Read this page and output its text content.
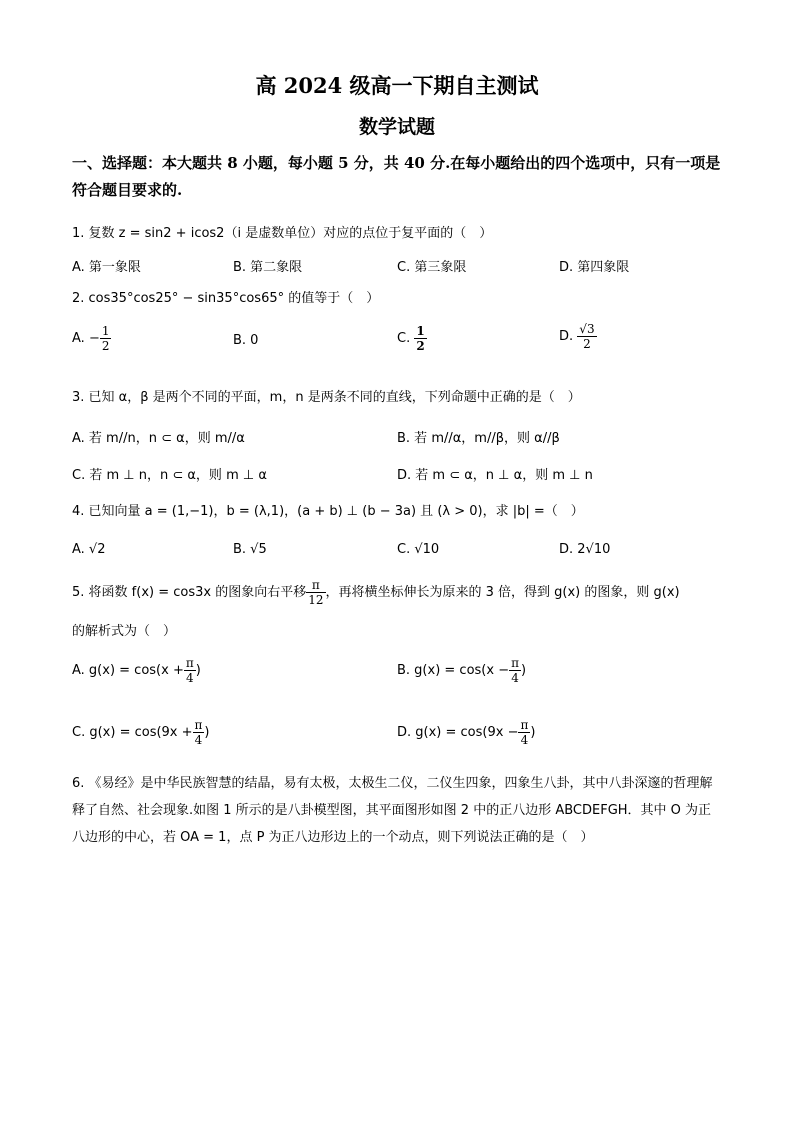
高 2024 级高一下期自主测试
数学试题
一、选择题：本大题共 8 小题，每小题 5 分，共 40 分.在每小题给出的四个选项中，只有一项是符合题目要求的.
1. 复数 z = sin2 + icos2（i 是虚数单位）对应的点位于复平面的（　）
A. 第一象限	B. 第二象限	C. 第三象限	D. 第四象限
2. cos35°cos25° − sin35°cos65° 的值等于（　）
A. − $\frac{1}{2}$	B. 0	C. $\frac{1}{2}$	D. $\frac{√3}{2}$
3. 已知 α，β 是两个不同的平面，m，n 是两条不同的直线，下列命题中正确的是（　）
A. 若 m//n，n ⊂ α，则 m//α	B. 若 m//α，m//β，则 α//β
C. 若 m ⊥ n，n ⊂ α，则 m ⊥ α	D. 若 m ⊂ α，n ⊥ α，则 m ⊥ n
4. 已知向量 a = (1,−1)，b = (λ,1)，(a + b) ⊥ (b − 3a) 且 (λ > 0)，求 |b| =（　）
A. √2	B. √5	C. √10	D. 2√10
5. 将函数 f(x) = cos3x 的图象向右平移 $\frac{\pi}{12}$ ，再将横坐标伸长为原来的 3 倍，得到 g(x) 的图象，则 g(x)
的解析式为（　）
A. $g(x) = \cos(x + \frac{\pi}{4}$ )	B. $g(x) = \cos(x - \frac{\pi}{4}$ )
C. $g(x) = \cos(9x + \frac{\pi}{4}$ )	D. $g(x) = \cos(9x - \frac{\pi}{4}$ )
6. 《易经》是中华民族智慧的结晶，易有太极，太极生二仪，二仪生四象，四象生八卦，其中八卦深邃的哲理解释了自然、社会现象.如图 1 所示的是八卦模型图，其平面图形如图 2 中的正八边形 ABCDEFGH．其中 O 为正八边形的中心，若 OA = 1，点 P 为正八边形边上的一个动点，则下列说法正确的是（　）
